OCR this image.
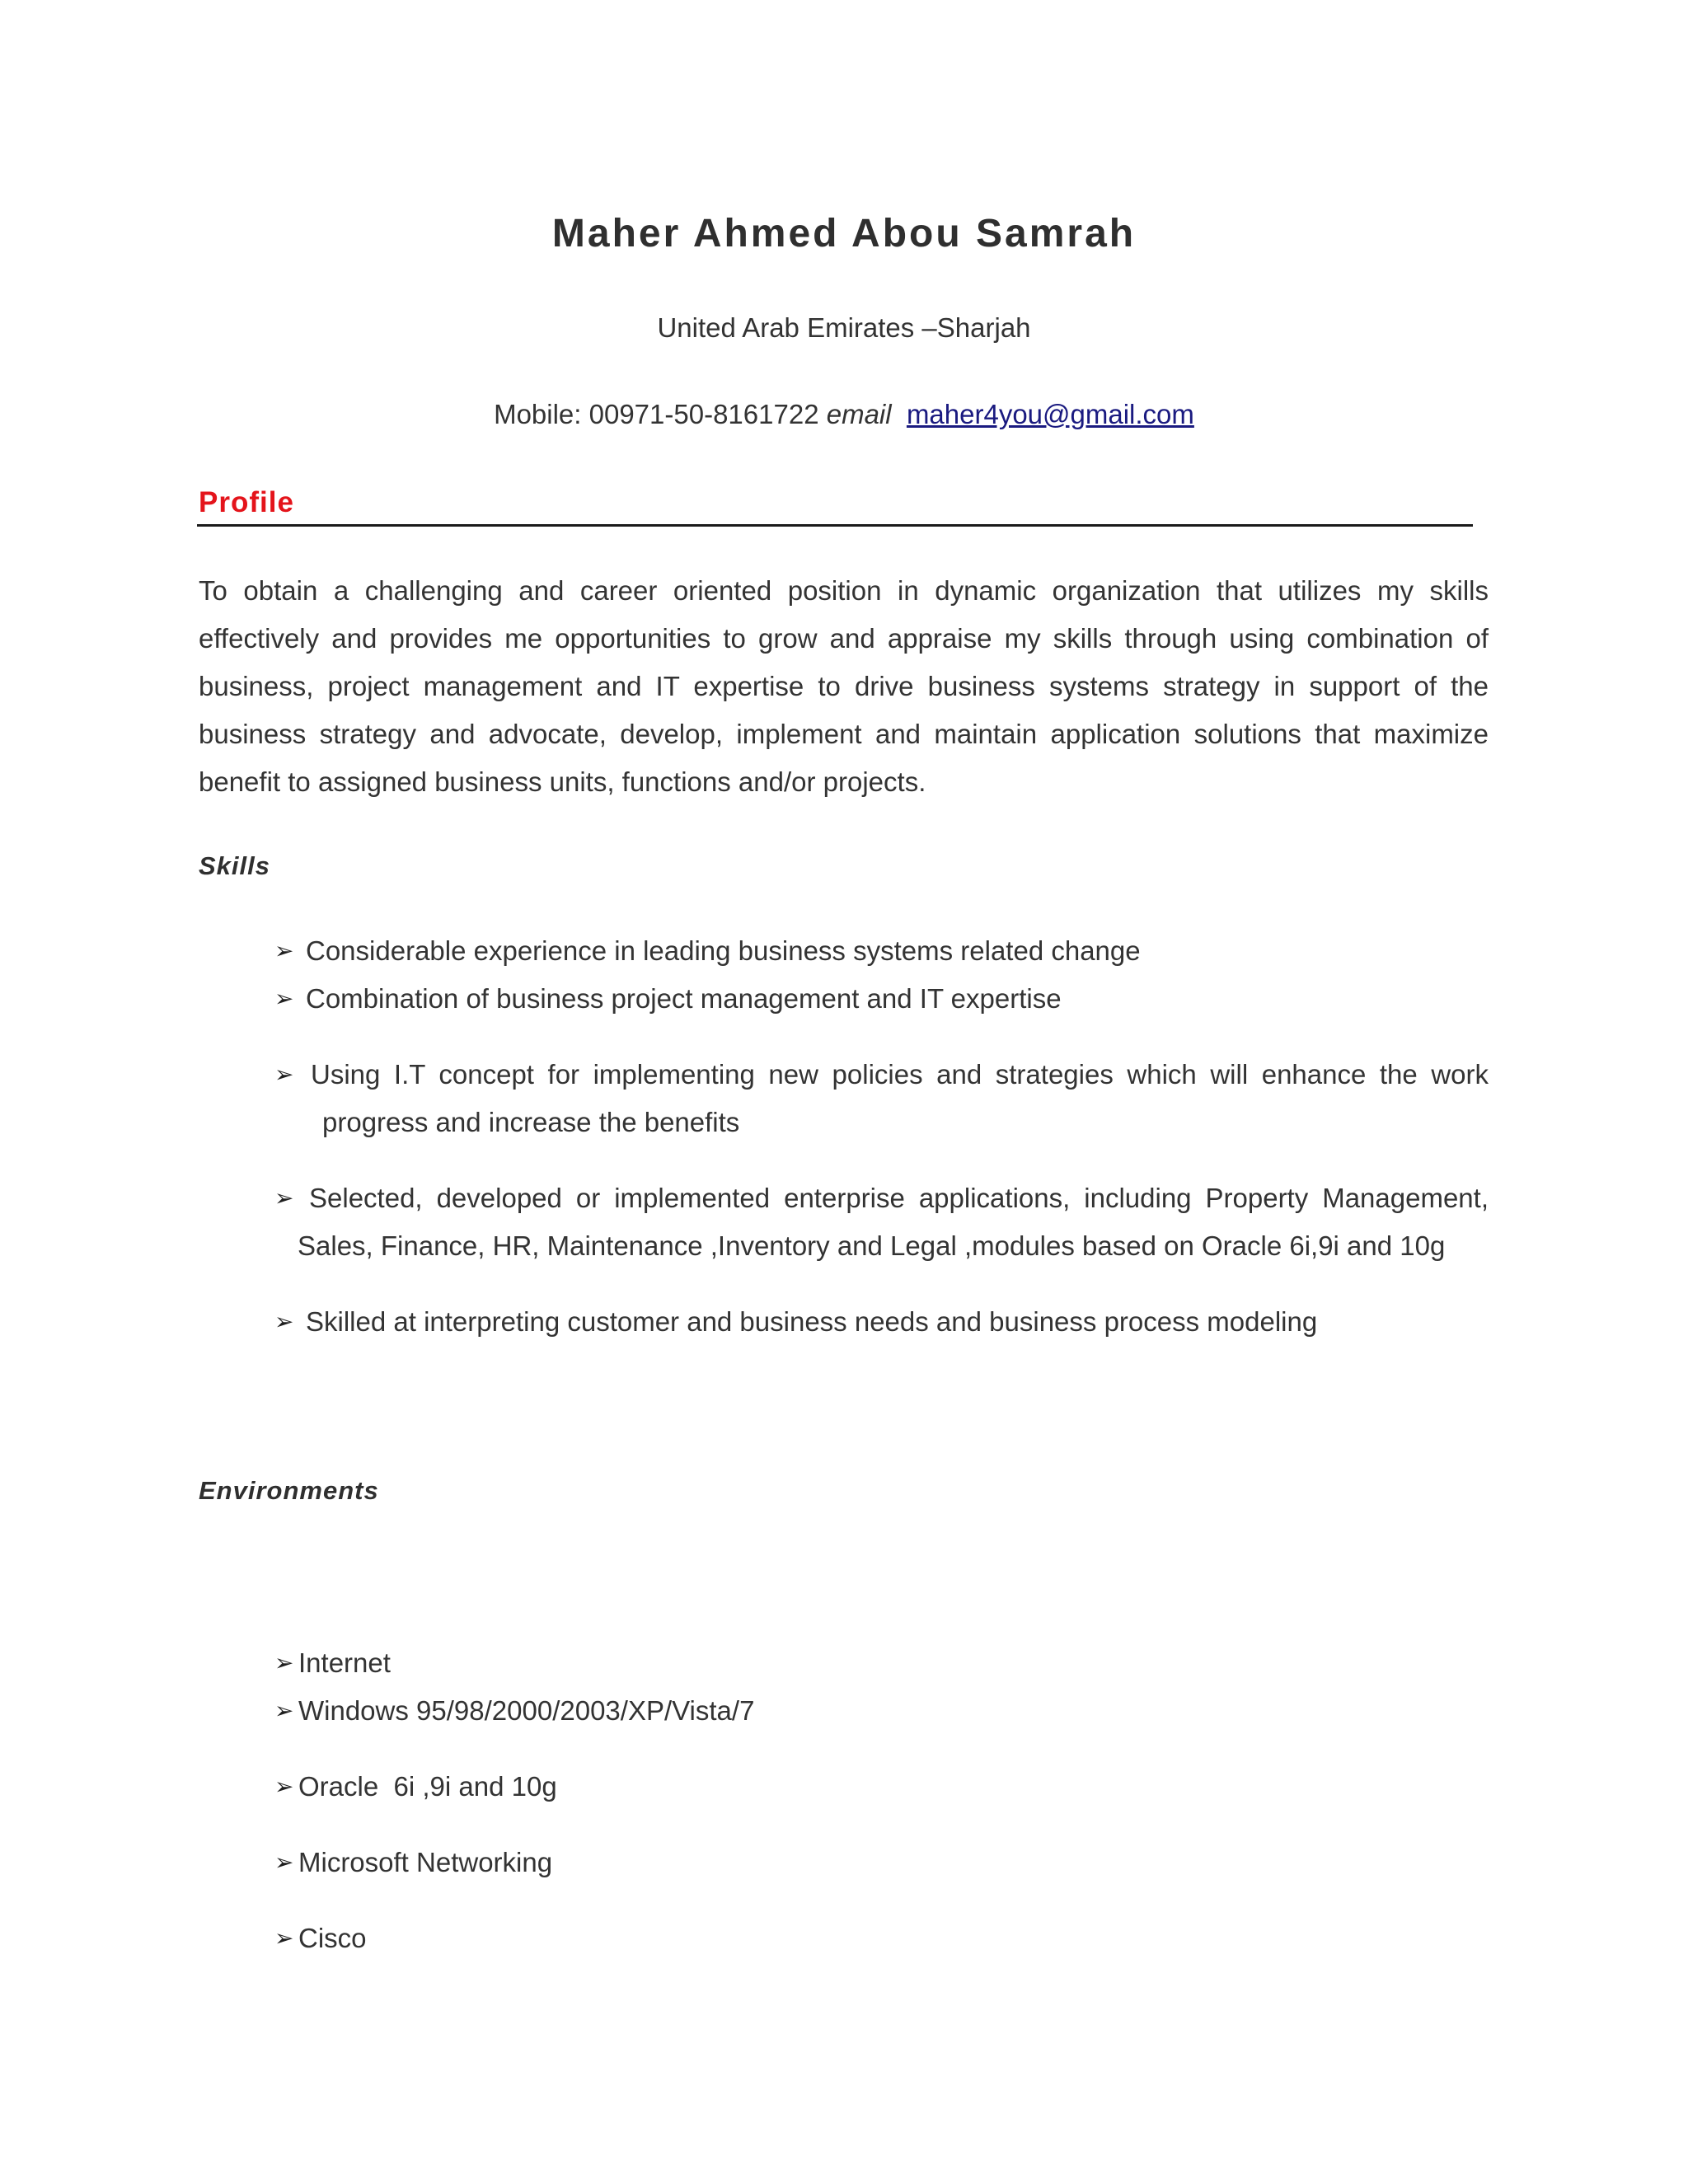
Maher Ahmed Abou Samrah
United Arab Emirates –Sharjah
Mobile: 00971-50-8161722 email maher4you@gmail.com
Profile
To obtain a challenging and career oriented position in dynamic organization that utilizes my skills effectively and provides me opportunities to grow and appraise my skills through using combination of business, project management and IT expertise to drive business systems strategy in support of the business strategy and advocate, develop, implement and maintain application solutions that maximize benefit to assigned business units, functions and/or projects.
Skills
➢ Considerable experience in leading business systems related change
➢ Combination of business project management and IT expertise
➢ Using I.T concept for implementing new policies and strategies which will enhance the work progress and increase the benefits
➢ Selected, developed or implemented enterprise applications, including Property Management, Sales, Finance, HR, Maintenance ,Inventory and Legal ,modules based on Oracle 6i,9i and 10g
➢ Skilled at interpreting customer and business needs and business process modeling
Environments
➢ Internet
➢ Windows 95/98/2000/2003/XP/Vista/7
➢ Oracle  6i ,9i and 10g
➢ Microsoft Networking
➢ Cisco
